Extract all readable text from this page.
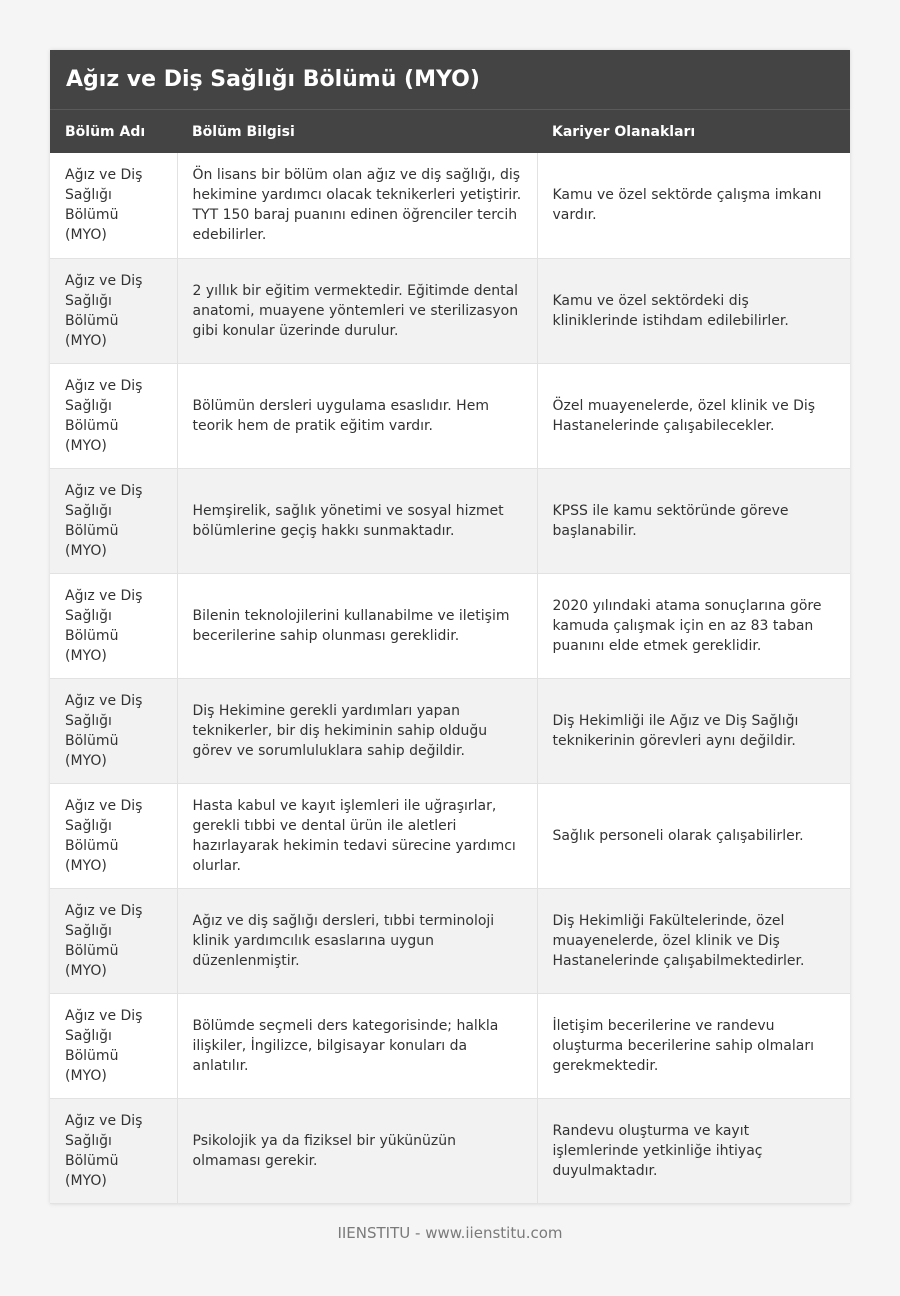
Ağız ve Diş Sağlığı Bölümü (MYO)
Bölüm Adı	Bölüm Bilgisi	Kariyer Olanakları
Ağız ve Diş Sağlığı Bölümü (MYO)	Ön lisans bir bölüm olan ağız ve diş sağlığı, diş hekimine yardımcı olacak teknikerleri yetiştirir. TYT 150 baraj puanını edinen öğrenciler tercih edebilirler.	Kamu ve özel sektörde çalışma imkanı vardır.
Ağız ve Diş Sağlığı Bölümü (MYO)	2 yıllık bir eğitim vermektedir. Eğitimde dental anatomi, muayene yöntemleri ve sterilizasyon gibi konular üzerinde durulur.	Kamu ve özel sektördeki diş kliniklerinde istihdam edilebilirler.
Ağız ve Diş Sağlığı Bölümü (MYO)	Bölümün dersleri uygulama esaslıdır. Hem teorik hem de pratik eğitim vardır.	Özel muayenelerde, özel klinik ve Diş Hastanelerinde çalışabilecekler.
Ağız ve Diş Sağlığı Bölümü (MYO)	Hemşirelik, sağlık yönetimi ve sosyal hizmet bölümlerine geçiş hakkı sunmaktadır.	KPSS ile kamu sektöründe göreve başlanabilir.
Ağız ve Diş Sağlığı Bölümü (MYO)	Bilenin teknolojilerini kullanabilme ve iletişim becerilerine sahip olunması gereklidir.	2020 yılındaki atama sonuçlarına göre kamuda çalışmak için en az 83 taban puanını elde etmek gereklidir.
Ağız ve Diş Sağlığı Bölümü (MYO)	Diş Hekimine gerekli yardımları yapan teknikerler, bir diş hekiminin sahip olduğu görev ve sorumluluklara sahip değildir.	Diş Hekimliği ile Ağız ve Diş Sağlığı teknikerinin görevleri aynı değildir.
Ağız ve Diş Sağlığı Bölümü (MYO)	Hasta kabul ve kayıt işlemleri ile uğraşırlar, gerekli tıbbi ve dental ürün ile aletleri hazırlayarak hekimin tedavi sürecine yardımcı olurlar.	Sağlık personeli olarak çalışabilirler.
Ağız ve Diş Sağlığı Bölümü (MYO)	Ağız ve diş sağlığı dersleri, tıbbi terminoloji klinik yardımcılık esaslarına uygun düzenlenmiştir.	Diş Hekimliği Fakültelerinde, özel muayenelerde, özel klinik ve Diş Hastanelerinde çalışabilmektedirler.
Ağız ve Diş Sağlığı Bölümü (MYO)	Bölümde seçmeli ders kategorisinde; halkla ilişkiler, İngilizce, bilgisayar konuları da anlatılır.	İletişim becerilerine ve randevu oluşturma becerilerine sahip olmaları gerekmektedir.
Ağız ve Diş Sağlığı Bölümü (MYO)	Psikolojik ya da fiziksel bir yükünüzün olmaması gerekir.	Randevu oluşturma ve kayıt işlemlerinde yetkinliğe ihtiyaç duyulmaktadır.
IIENSTITU - www.iienstitu.com
